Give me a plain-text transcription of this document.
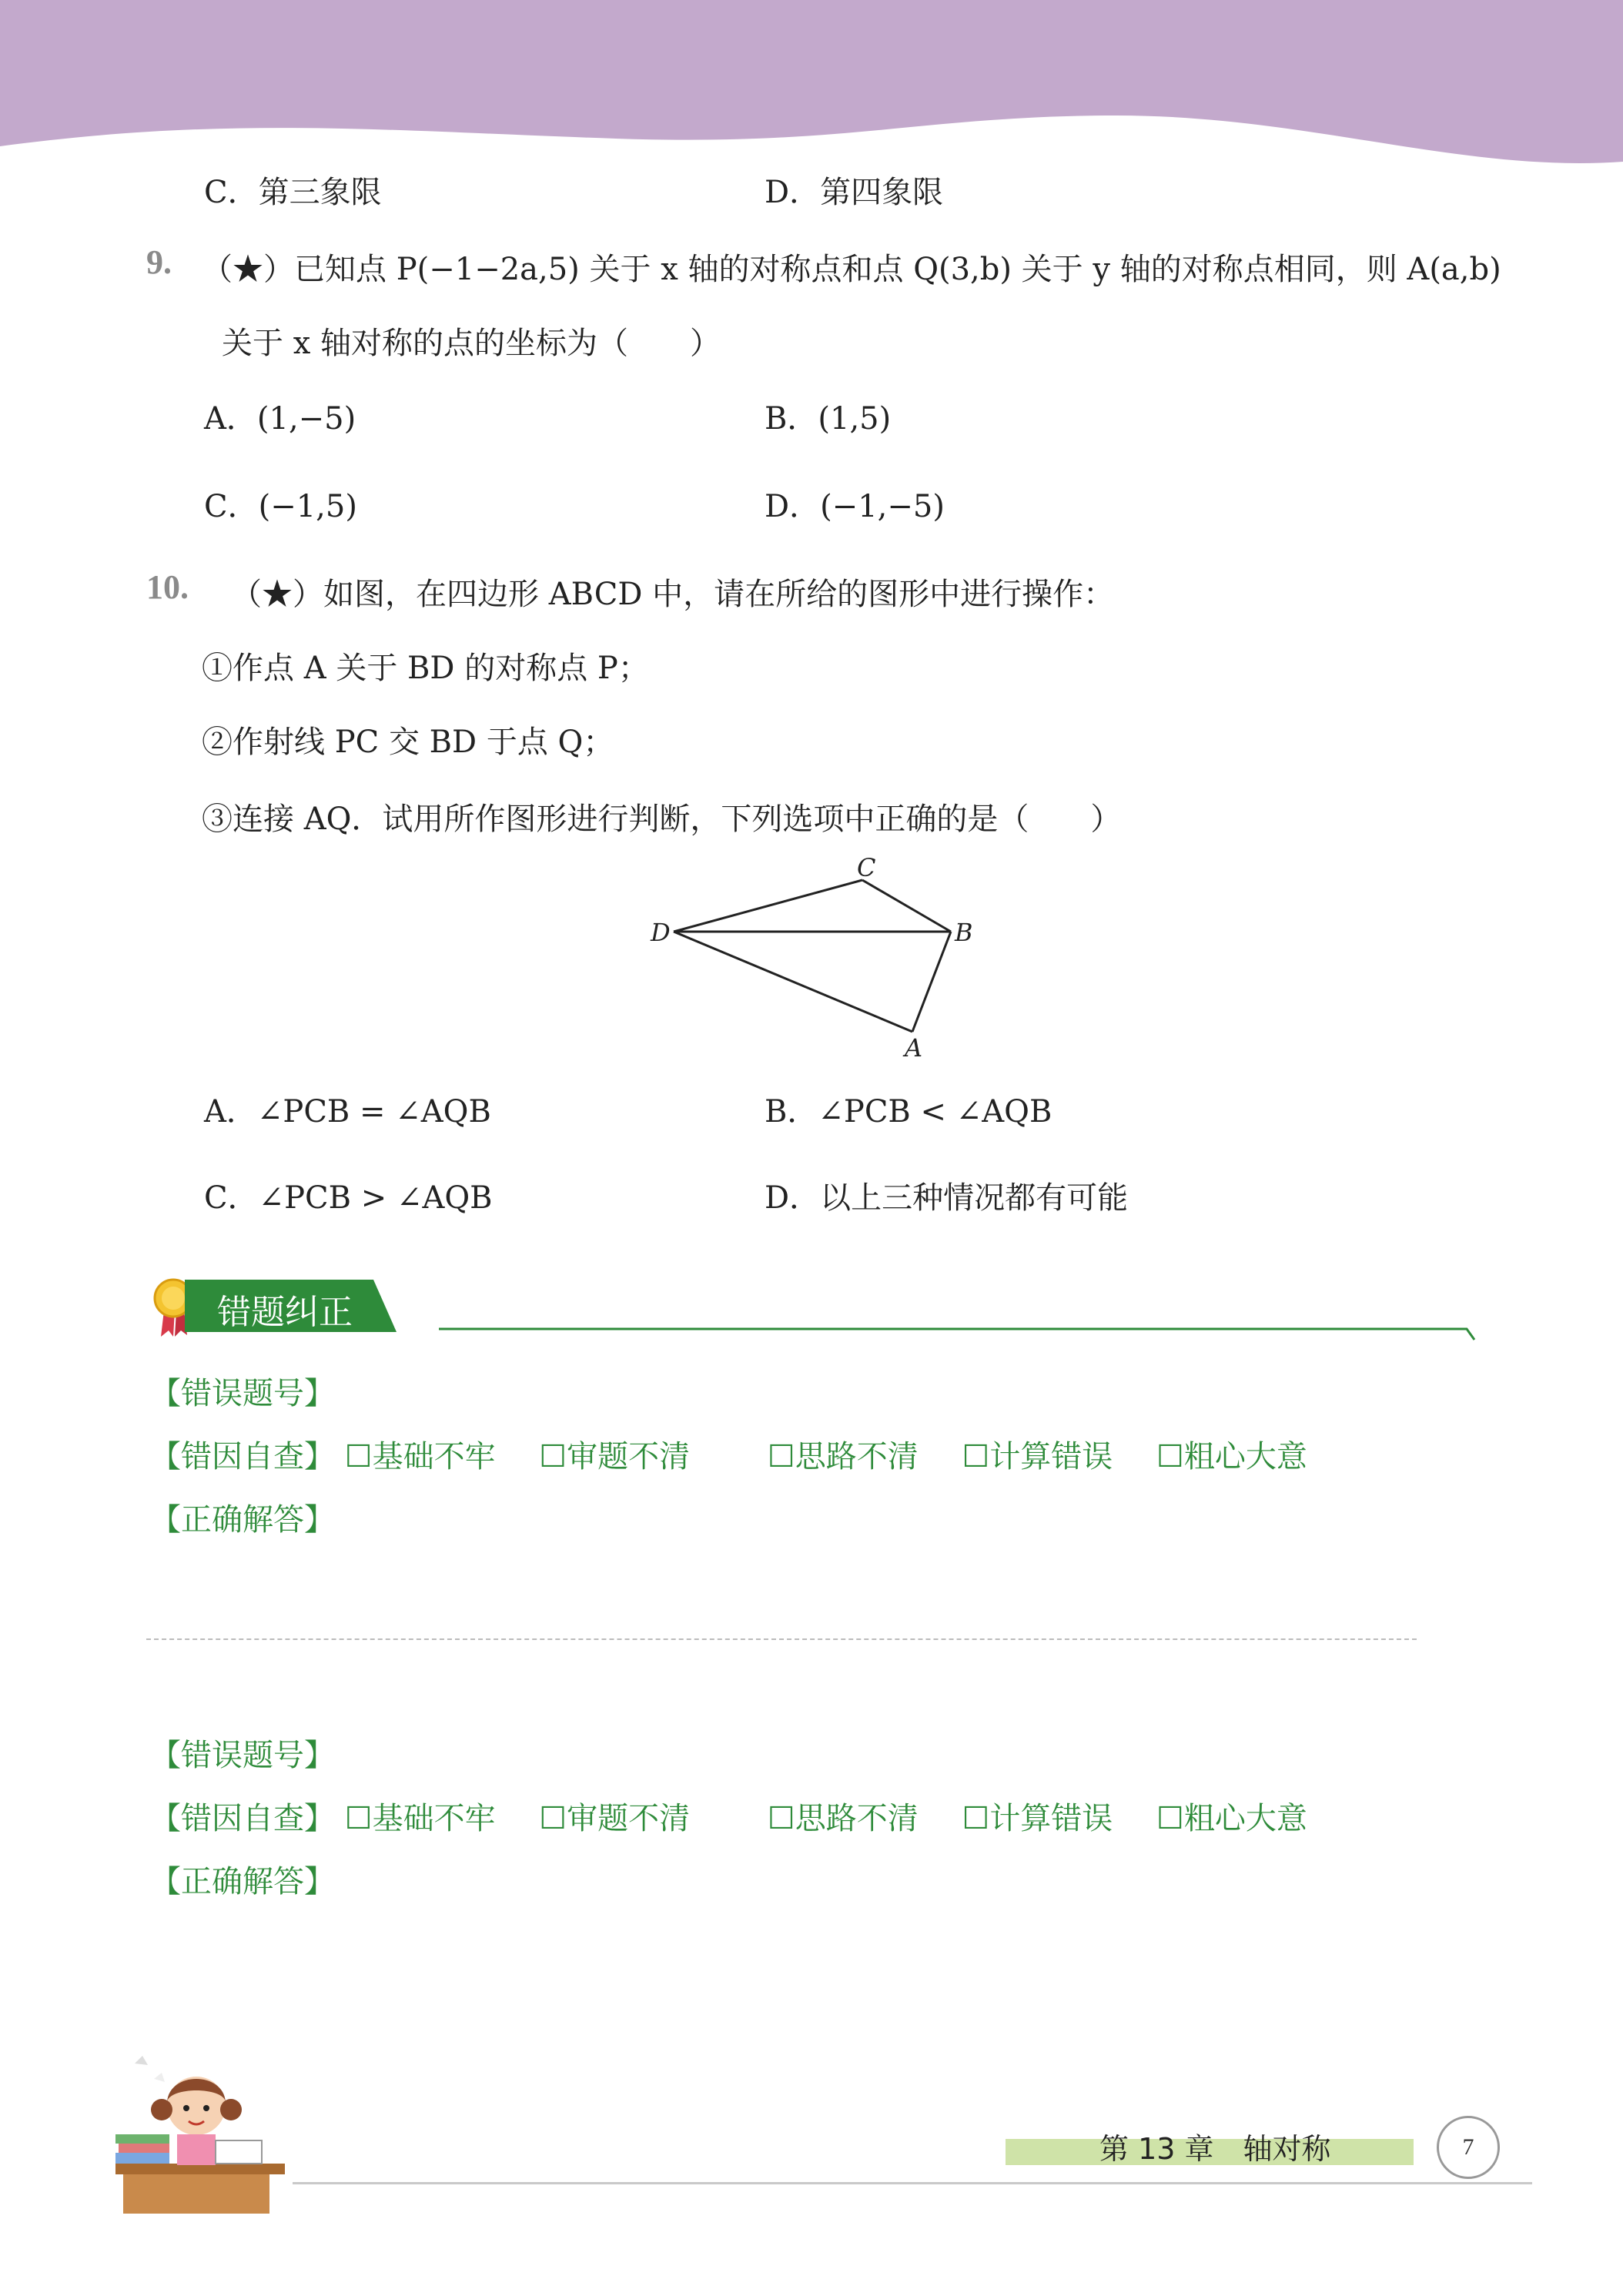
C．第三象限	D．第四象限
9. （★）已知点 P(−1−2a,5) 关于 x 轴的对称点和点 Q(3,b) 关于 y 轴的对称点相同，则 A(a,b)
关于 x 轴对称的点的坐标为（　　）
A．(1,−5)	B．(1,5)
C．(−1,5)	D．(−1,−5)
10. （★）如图，在四边形 ABCD 中，请在所给的图形中进行操作：
①作点 A 关于 BD 的对称点 P；
②作射线 PC 交 BD 于点 Q；
③连接 AQ．试用所作图形进行判断，下列选项中正确的是（　　）
C
D	B
A
A．∠PCB = ∠AQB	B．∠PCB < ∠AQB
C．∠PCB > ∠AQB	D．以上三种情况都有可能
错题纠正
【错误题号】
【错因自查】 ☐基础不牢 ☐审题不清	☐思路不清 ☐计算错误 ☐粗心大意
【正确解答】
【错误题号】
【错因自查】 ☐基础不牢 ☐审题不清	☐思路不清 ☐计算错误 ☐粗心大意
【正确解答】
第 13 章　轴对称	7
